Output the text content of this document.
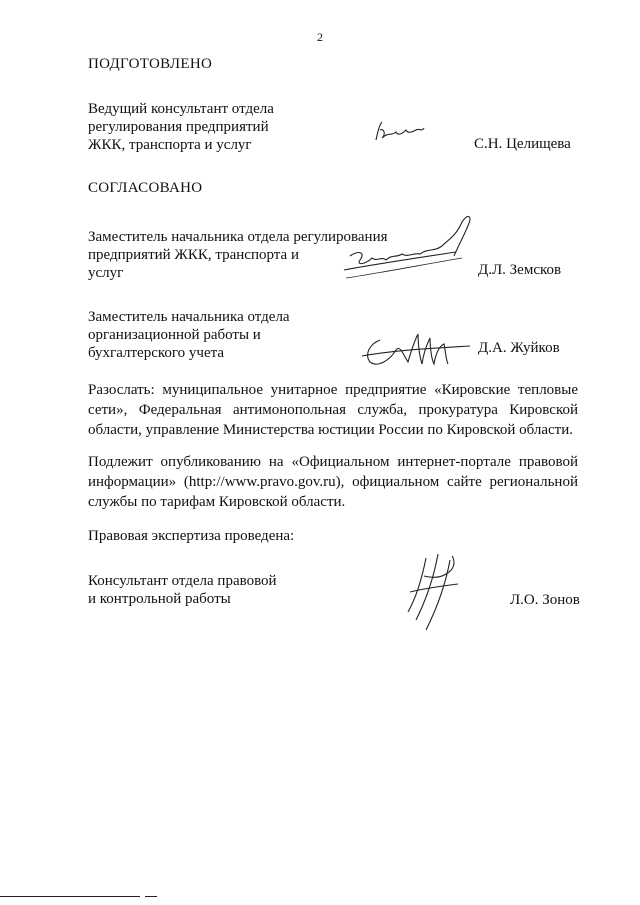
2
ПОДГОТОВЛЕНО
Ведущий консультант отдела
регулирования предприятий
ЖКК, транспорта и услуг	С.Н. Целищева
СОГЛАСОВАНО
Заместитель начальника отдела регулирования
предприятий ЖКК, транспорта и
услуг	Д.Л. Земсков
Заместитель начальника отдела
организационной работы и
бухгалтерского учета	Д.А. Жуйков
Разослать: муниципальное унитарное предприятие «Кировские тепловые сети», Федеральная антимонопольная служба, прокуратура Кировской области, управление Министерства юстиции России по Кировской области.
Подлежит опубликованию на «Официальном интернет-портале правовой информации» (http://www.pravo.gov.ru), официальном сайте региональной службы по тарифам Кировской области.
Правовая экспертиза проведена:
Консультант отдела правовой
и контрольной работы	Л.О. Зонов
